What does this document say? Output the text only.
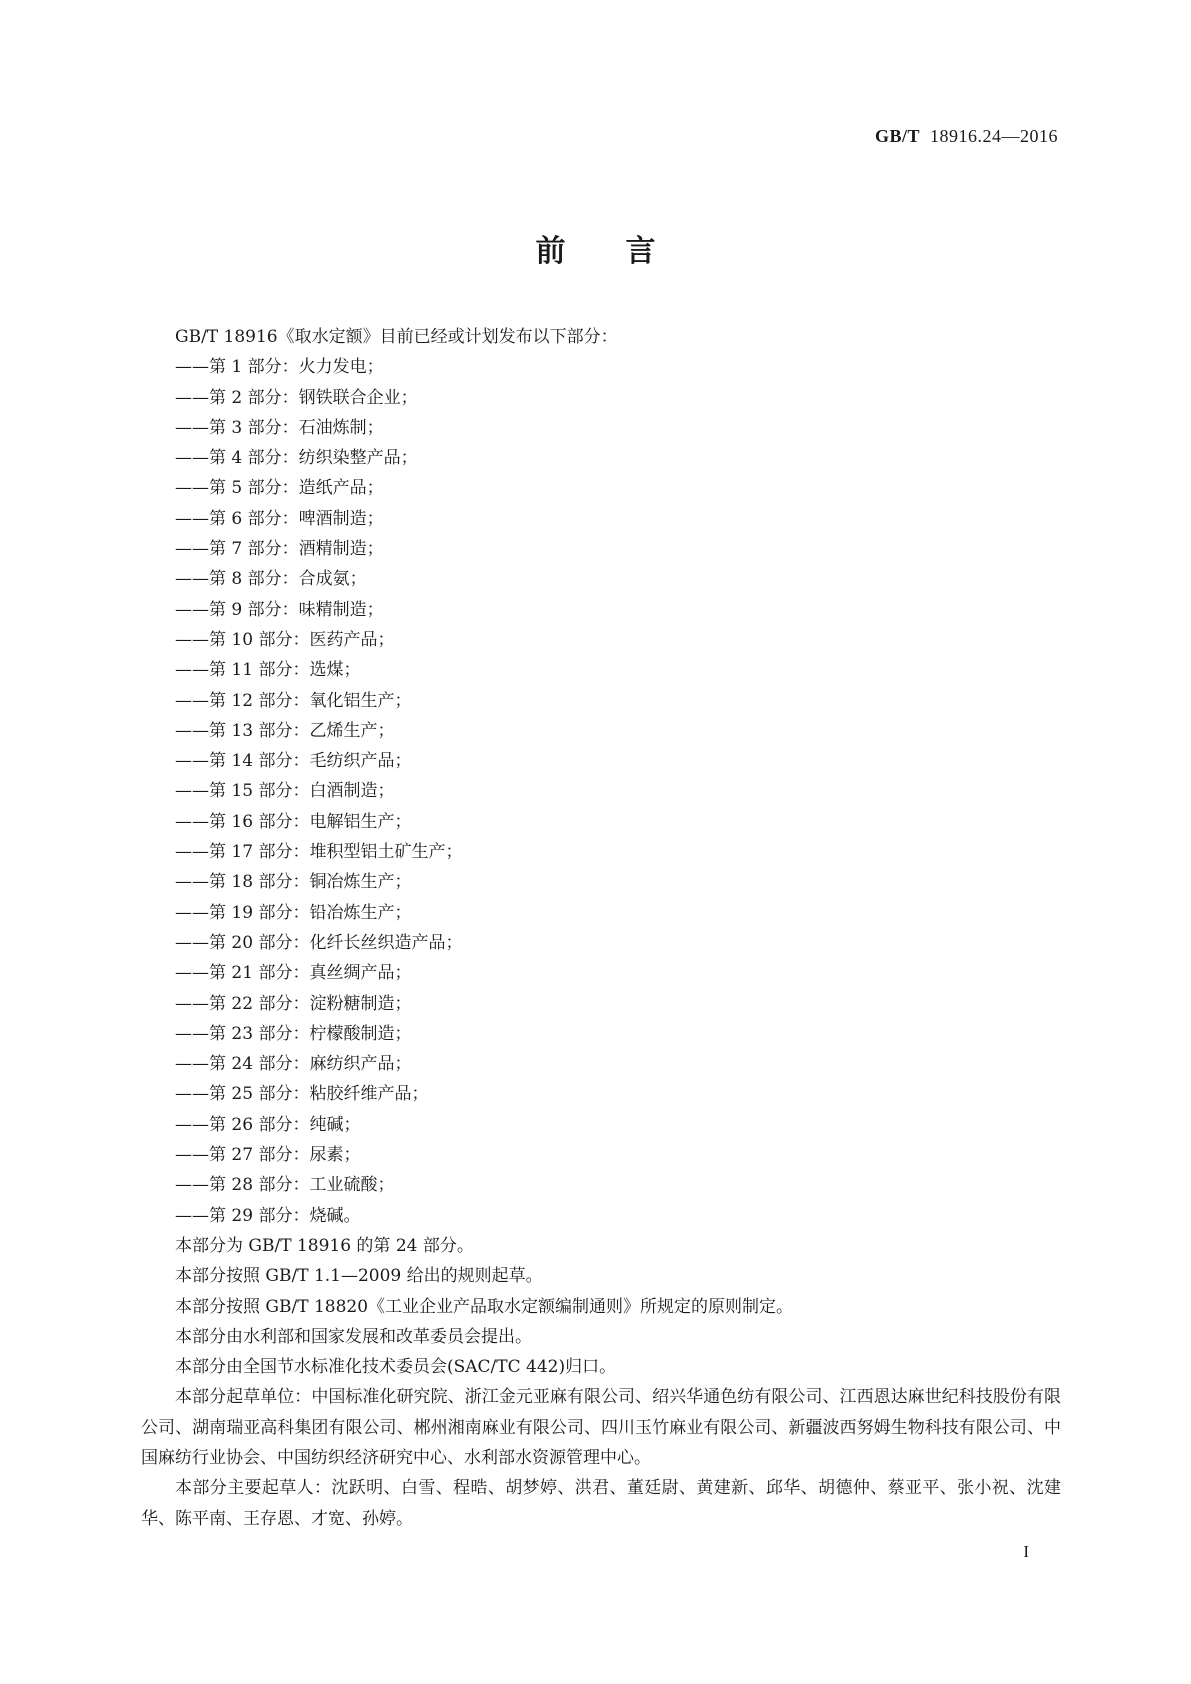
GB/T 18916.24—2016
前　　言

GB/T 18916《取水定额》目前已经或计划发布以下部分：

——第 1 部分：火力发电；
——第 2 部分：钢铁联合企业；
——第 3 部分：石油炼制；
——第 4 部分：纺织染整产品；
——第 5 部分：造纸产品；
——第 6 部分：啤酒制造；
——第 7 部分：酒精制造；
——第 8 部分：合成氨；
——第 9 部分：味精制造；
——第 10 部分：医药产品；
——第 11 部分：选煤；
——第 12 部分：氧化铝生产；
——第 13 部分：乙烯生产；
——第 14 部分：毛纺织产品；
——第 15 部分：白酒制造；
——第 16 部分：电解铝生产；
——第 17 部分：堆积型铝土矿生产；
——第 18 部分：铜冶炼生产；
——第 19 部分：铅冶炼生产；
——第 20 部分：化纤长丝织造产品；
——第 21 部分：真丝绸产品；
——第 22 部分：淀粉糖制造；
——第 23 部分：柠檬酸制造；
——第 24 部分：麻纺织产品；
——第 25 部分：粘胶纤维产品；
——第 26 部分：纯碱；
——第 27 部分：尿素；
——第 28 部分：工业硫酸；
——第 29 部分：烧碱。

本部分为 GB/T 18916 的第 24 部分。

本部分按照 GB/T 1.1—2009 给出的规则起草。

本部分按照 GB/T 18820《工业企业产品取水定额编制通则》所规定的原则制定。

本部分由水利部和国家发展和改革委员会提出。

本部分由全国节水标准化技术委员会(SAC/TC 442)归口。

本部分起草单位：中国标准化研究院、浙江金元亚麻有限公司、绍兴华通色纺有限公司、江西恩达麻世纪科技股份有限公司、湖南瑞亚高科集团有限公司、郴州湘南麻业有限公司、四川玉竹麻业有限公司、新疆波西努姆生物科技有限公司、中国麻纺行业协会、中国纺织经济研究中心、水利部水资源管理中心。

本部分主要起草人：沈跃明、白雪、程晧、胡梦婷、洪君、董廷尉、黄建新、邱华、胡德仲、蔡亚平、张小祝、沈建华、陈平南、王存恩、才宽、孙婷。

I
